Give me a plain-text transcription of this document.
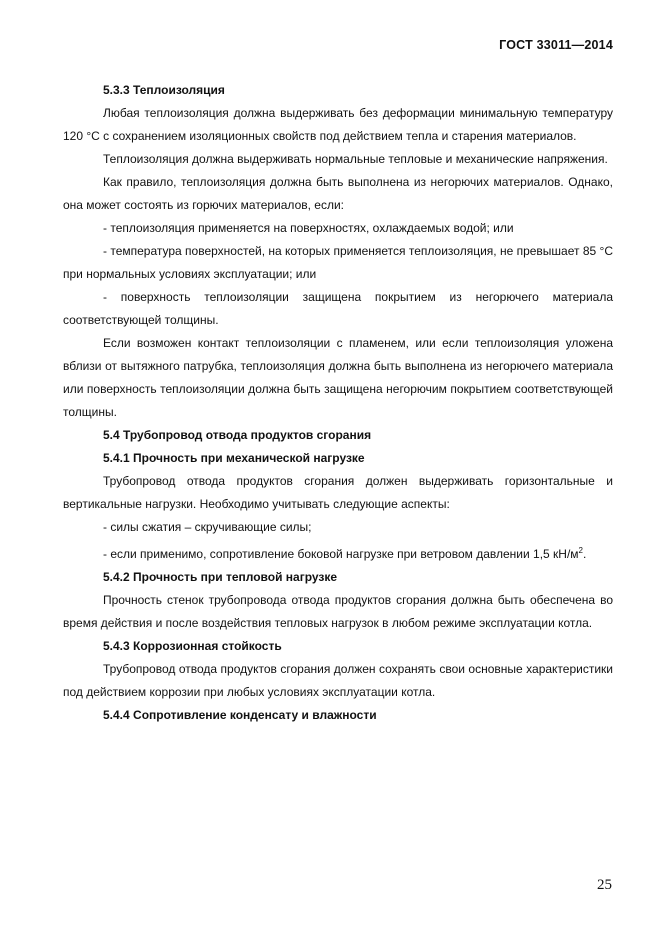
ГОСТ 33011—2014

5.3.3 Теплоизоляция

Любая теплоизоляция должна выдерживать без деформации минимальную температуру 120 °С с сохранением изоляционных свойств под действием тепла и старения материалов.

Теплоизоляция должна выдерживать нормальные тепловые и механические напряжения.

Как правило, теплоизоляция должна быть выполнена из негорючих материалов. Однако, она может состоять из горючих материалов, если:

- теплоизоляция применяется на поверхностях, охлаждаемых водой; или

- температура поверхностей, на которых применяется теплоизоляция, не превышает 85 °С при нормальных условиях эксплуатации; или

- поверхность теплоизоляции защищена покрытием из негорючего материала соответствующей толщины.

Если возможен контакт теплоизоляции с пламенем, или если теплоизоляция уложена вблизи от вытяжного патрубка, теплоизоляция должна быть выполнена из негорючего материала или поверхность теплоизоляции должна быть защищена негорючим покрытием соответствующей толщины.

5.4 Трубопровод отвода продуктов сгорания

5.4.1 Прочность при механической нагрузке

Трубопровод отвода продуктов сгорания должен выдерживать горизонтальные и вертикальные нагрузки. Необходимо учитывать следующие аспекты:

- силы сжатия – скручивающие силы;

- если применимо, сопротивление боковой нагрузке при ветровом давлении 1,5 $кН/м^2$.

5.4.2 Прочность при тепловой нагрузке

Прочность стенок трубопровода отвода продуктов сгорания должна быть обеспечена во время действия и после воздействия тепловых нагрузок в любом режиме эксплуатации котла.

5.4.3 Коррозионная стойкость

Трубопровод отвода продуктов сгорания должен сохранять свои основные характеристики под действием коррозии при любых условиях эксплуатации котла.

5.4.4 Сопротивление конденсату и влажности

25
